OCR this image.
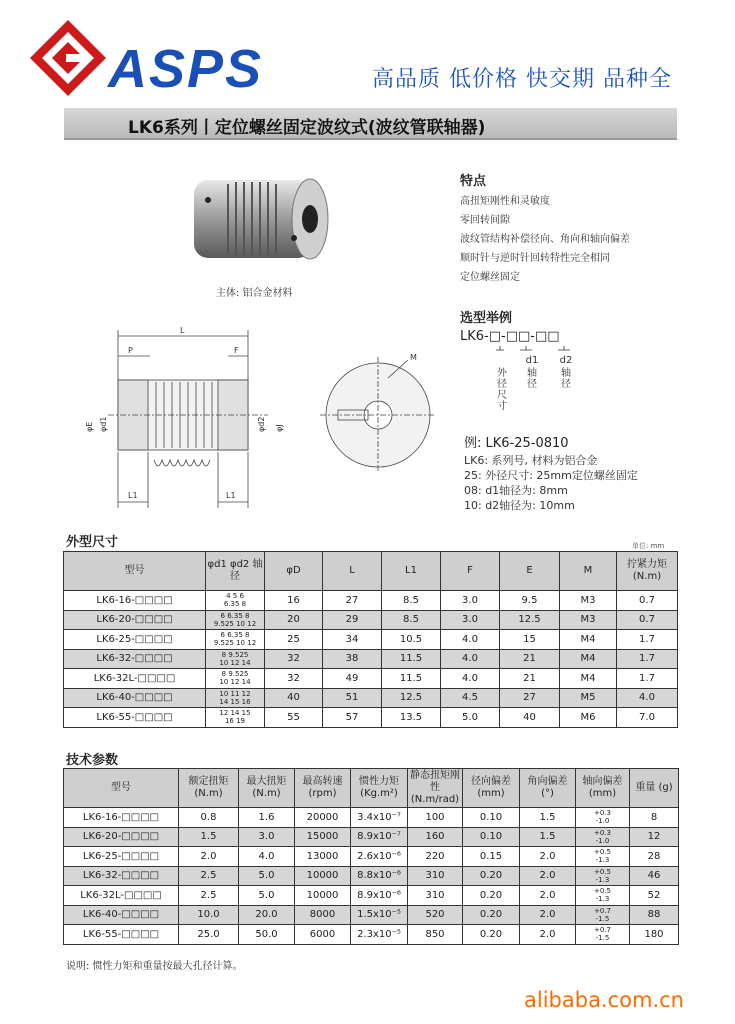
ASPS	高品质 低价格 快交期 品种全
LK6系列丨定位螺丝固定波纹式(波纹管联轴器)
主体: 铝合金材料
特点
高扭矩刚性和灵敏度
零回转间隙
波纹管结构补偿径向、角向和轴向偏差
顺时针与逆时针回转特性完全相同
定位螺丝固定
选型举例
LK6-□-□□-□□
d1	d2
外径尺寸
轴径
轴径
例: LK6-25-0810
LK6: 系列号, 材料为铝合金
25: 外径尺寸: 25mm定位螺丝固定
08: d1轴径为: 8mm
10: d2轴径为: 10mm
L
P	F
M
L1	L1
φE φd1	φd2 φJ
外型尺寸	单位: mm
型号	φd1 φd2 轴径	φD	L	L1	F	E	M	拧紧力矩 (N.m)
LK6-16-□□□□	4 5 6
6.35 8	16	27	8.5	3.0	9.5	M3	0.7
LK6-20-□□□□	6 6.35 8
9.525 10 12	20	29	8.5	3.0	12.5	M3	0.7
LK6-25-□□□□	6 6.35 8
9.525 10 12	25	34	10.5	4.0	15	M4	1.7
LK6-32-□□□□	8 9.525
10 12 14	32	38	11.5	4.0	21	M4	1.7
LK6-32L-□□□□	8 9.525
10 12 14	32	49	11.5	4.0	21	M4	1.7
LK6-40-□□□□	10 11 12
14 15 16	40	51	12.5	4.5	27	M5	4.0
LK6-55-□□□□	12 14 15
16 19	55	57	13.5	5.0	40	M6	7.0
技术参数
型号	额定扭矩 (N.m)	最大扭矩 (N.m)	最高转速 (rpm)	惯性力矩 (Kg.m²)	静态扭矩刚性 (N.m/rad)	径向偏差 (mm)	角向偏差 (°)	轴向偏差 (mm)	重量 (g)
LK6-16-□□□□	0.8	1.6	20000	3.4x10⁻⁷	100	0.10	1.5	+0.3
-1.0	8
LK6-20-□□□□	1.5	3.0	15000	8.9x10⁻⁷	160	0.10	1.5	+0.3
-1.0	12
LK6-25-□□□□	2.0	4.0	13000	2.6x10⁻⁶	220	0.15	2.0	+0.5
-1.3	28
LK6-32-□□□□	2.5	5.0	10000	8.8x10⁻⁶	310	0.20	2.0	+0.5
-1.3	46
LK6-32L-□□□□	2.5	5.0	10000	8.9x10⁻⁶	310	0.20	2.0	+0.5
-1.3	52
LK6-40-□□□□	10.0	20.0	8000	1.5x10⁻⁵	520	0.20	2.0	+0.7
-1.5	88
LK6-55-□□□□	25.0	50.0	6000	2.3x10⁻⁵	850	0.20	2.0	+0.7
-1.5	180
说明: 惯性力矩和重量按最大孔径计算。
alibaba.com.cn
